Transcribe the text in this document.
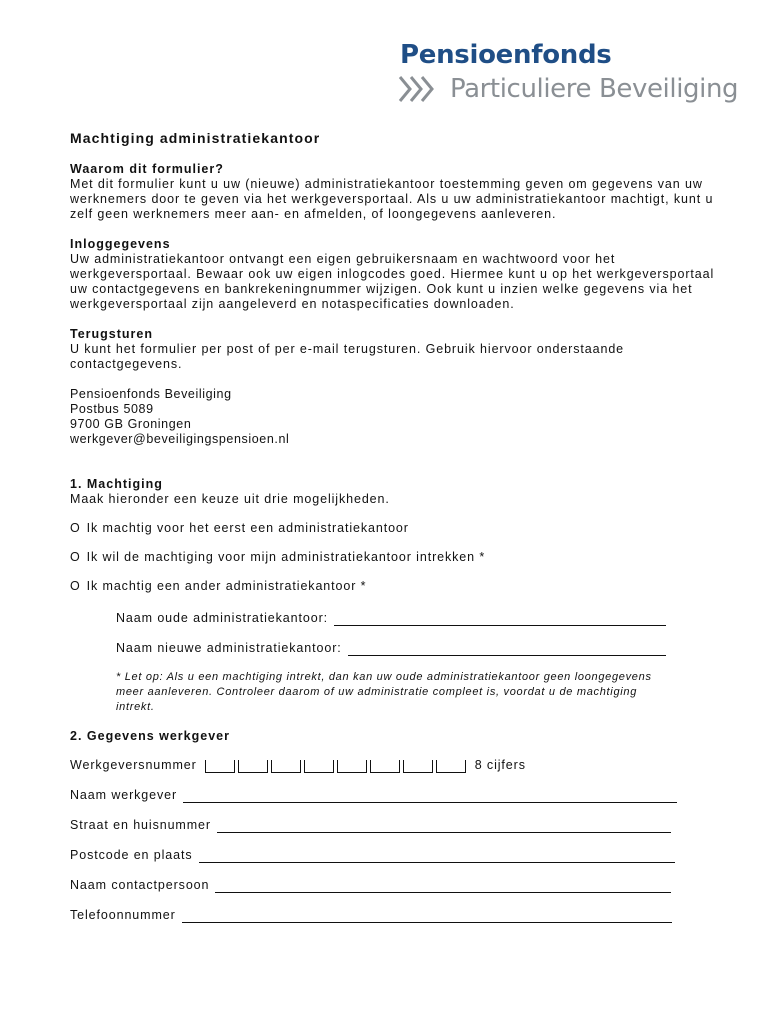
Pensioenfonds
Particuliere Beveiliging
Machtiging administratiekantoor
Waarom dit formulier?
Met dit formulier kunt u uw (nieuwe) administratiekantoor toestemming geven om gegevens van uw werknemers door te geven via het werkgeversportaal. Als u uw administratiekantoor machtigt, kunt u zelf geen werknemers meer aan- en afmelden, of loongegevens aanleveren.
Inloggegevens
Uw administratiekantoor ontvangt een eigen gebruikersnaam en wachtwoord voor het werkgeversportaal. Bewaar ook uw eigen inlogcodes goed. Hiermee kunt u op het werkgeversportaal uw contactgegevens en bankrekeningnummer wijzigen. Ook kunt u inzien welke gegevens via het werkgeversportaal zijn aangeleverd en notaspecificaties downloaden.
Terugsturen
U kunt het formulier per post of per e-mail terugsturen. Gebruik hiervoor onderstaande contactgegevens.
Pensioenfonds Beveiliging
Postbus 5089
9700 GB Groningen
werkgever@beveiligingspensioen.nl
1. Machtiging
Maak hieronder een keuze uit drie mogelijkheden.
O Ik machtig voor het eerst een administratiekantoor
O Ik wil de machtiging voor mijn administratiekantoor intrekken *
O Ik machtig een ander administratiekantoor *
Naam oude administratiekantoor:
Naam nieuwe administratiekantoor:
* Let op: Als u een machtiging intrekt, dan kan uw oude administratiekantoor geen loongegevens meer aanleveren. Controleer daarom of uw administratie compleet is, voordat u de machtiging intrekt.
2. Gegevens werkgever
Werkgeversnummer	8 cijfers
Naam werkgever
Straat en huisnummer
Postcode en plaats
Naam contactpersoon
Telefoonnummer
